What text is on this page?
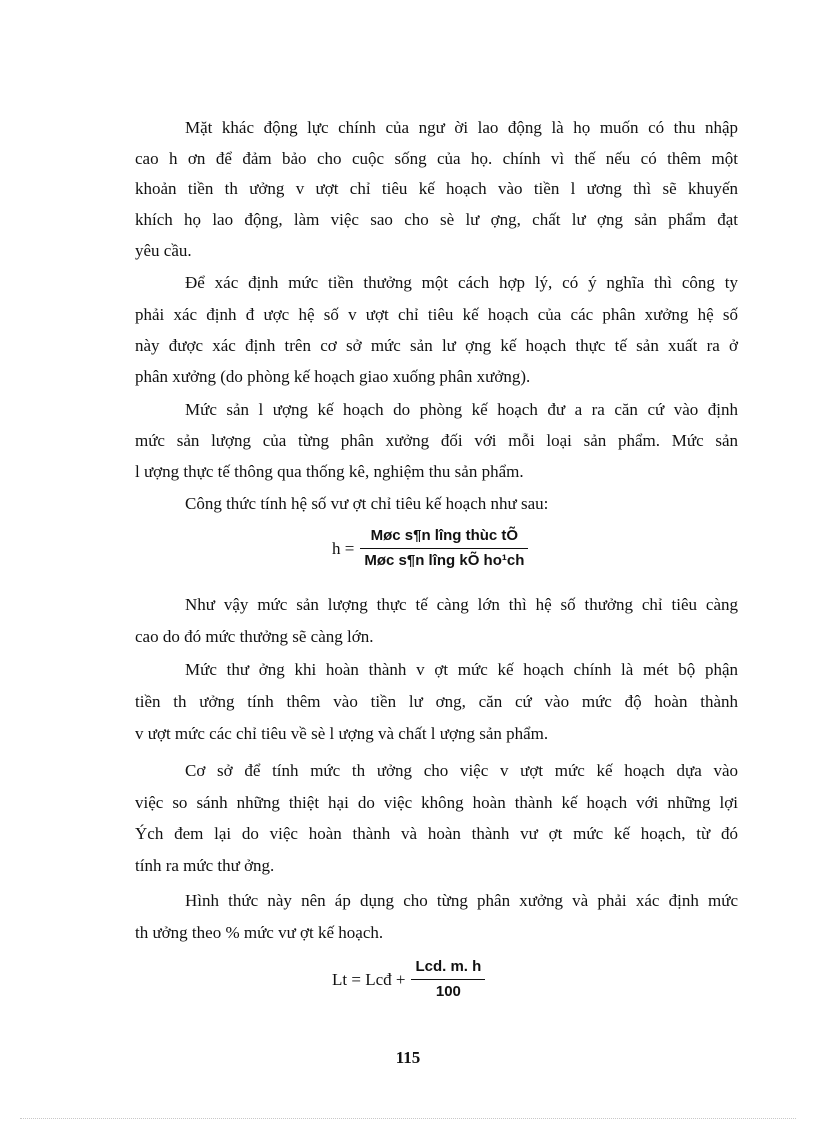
Mặt khác động lực chính của ngư ời lao động là họ muốn có thu nhập
cao h ơn để đảm bảo cho cuộc sống của họ. chính vì thế nếu có thêm một
khoản tiền th ưởng v ượt chỉ tiêu kế hoạch vào tiền l ương thì sẽ khuyến
khích họ lao động, làm việc sao cho sè lư ợng, chất lư ợng sản phẩm đạt
yêu cầu.
Để xác định mức tiền thưởng một cách hợp lý, có ý nghĩa thì công ty
phải xác định đ ược hệ số v ượt chỉ tiêu kế hoạch của các phân xưởng hệ số
này được xác định trên cơ sở mức sản lư ợng kế hoạch thực tế sản xuất ra ở
phân xưởng (do phòng kế hoạch giao xuống phân xưởng).
Mức sản l ượng kế hoạch do phòng kế hoạch đư a ra căn cứ vào định
mức sản lượng của từng phân xưởng đối với mỗi loại sản phẩm. Mức sản
l ượng thực tế thông qua thống kê, nghiệm thu sản phẩm.
Công thức tính hệ số vư ợt chỉ tiêu kế hoạch như sau:
$h = \frac{\text{Møc s¶n lîng thùc tÕ}}{\text{Møc s¶n lîng kÕ ho¹ch}}$
Như vậy mức sản lượng thực tế càng lớn thì hệ số thưởng chỉ tiêu càng
cao do đó mức thưởng sẽ càng lớn.
Mức thư ởng khi hoàn thành v ợt mức kế hoạch chính là mét bộ phận
tiền th ưởng tính thêm vào tiền lư ơng, căn cứ vào mức độ hoàn thành
v ượt mức các chỉ tiêu về sè l ượng và chất l ượng sản phẩm.
Cơ sở để tính mức th ưởng cho việc v ượt mức kế hoạch dựa vào
việc so sánh những thiệt hại do việc không hoàn thành kế hoạch với những lợi
Ých đem lại do việc hoàn thành và hoàn thành vư ợt mức kế hoạch, từ đó
tính ra mức thư ởng.
Hình thức này nên áp dụng cho từng phân xưởng và phải xác định mức
th ưởng theo % mức vư ợt kế hoạch.
Lt = Lcđ + $\frac{\text{Lcd. m. h}}{100}$
115
